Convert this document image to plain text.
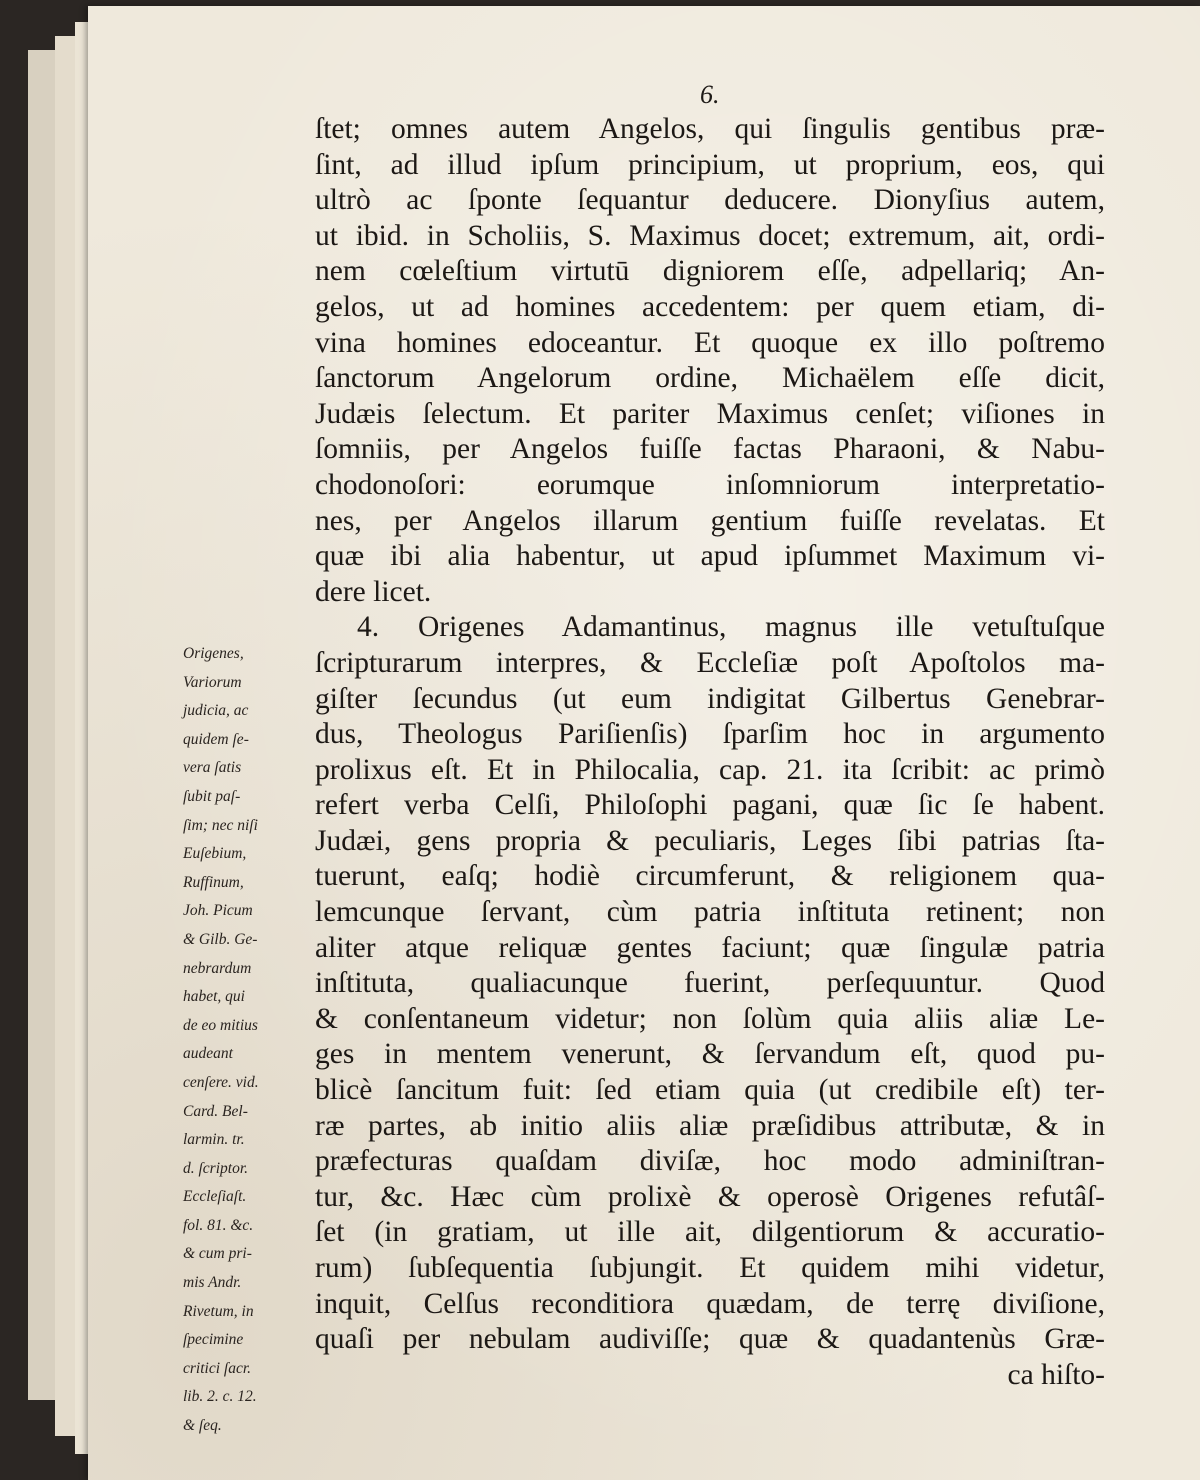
6.
ſtet; omnes autem Angelos, qui ſingulis gentibus præ-
ſint, ad illud ipſum principium, ut proprium, eos, qui
ultrò ac ſponte ſequantur deducere. Dionyſius autem,
ut ibid. in Scholiis, S. Maximus docet; extremum, ait, ordi-
nem cœleſtium virtutū digniorem eſſe, adpellariq; An-
gelos, ut ad homines accedentem: per quem etiam, di-
vina homines edoceantur. Et quoque ex illo poſtremo
ſanctorum Angelorum ordine, Michaëlem eſſe dicit,
Judæis ſelectum. Et pariter Maximus cenſet; viſiones in
ſomniis, per Angelos fuiſſe factas Pharaoni, & Nabu-
chodonoſori: eorumque inſomniorum interpretatio-
nes, per Angelos illarum gentium fuiſſe revelatas. Et
quæ ibi alia habentur, ut apud ipſummet Maximum vi-
dere licet.
4. Origenes Adamantinus, magnus ille vetuſtuſque
ſcripturarum interpres, & Eccleſiæ poſt Apoſtolos ma-
giſter ſecundus (ut eum indigitat Gilbertus Genebrar-
dus, Theologus Pariſienſis) ſparſim hoc in argumento
prolixus eſt. Et in Philocalia, cap. 21. ita ſcribit: ac primò
refert verba Celſi, Philoſophi pagani, quæ ſic ſe habent.
Judæi, gens propria & peculiaris, Leges ſibi patrias ſta-
tuerunt, eaſq; hodiè circumferunt, & religionem qua-
lemcunque ſervant, cùm patria inſtituta retinent; non
aliter atque reliquæ gentes faciunt; quæ ſingulæ patria
inſtituta, qualiacunque fuerint, perſequuntur. Quod
& conſentaneum videtur; non ſolùm quia aliis aliæ Le-
ges in mentem venerunt, & ſervandum eſt, quod pu-
blicè ſancitum fuit: ſed etiam quia (ut credibile eſt) ter-
ræ partes, ab initio aliis aliæ præſidibus attributæ, & in
præfecturas quaſdam diviſæ, hoc modo adminiſtran-
tur, &c. Hæc cùm prolixè & operosè Origenes refutâſ-
ſet (in gratiam, ut ille ait, dilgentiorum & accuratio-
rum) ſubſequentia ſubjungit. Et quidem mihi videtur,
inquit, Celſus reconditiora quædam, de terrę diviſione,
quaſi per nebulam audiviſſe; quæ & quadantenùs Græ-
ca hiſto-
Origenes,
Variorum
judicia, ac
quidem ſe-
vera ſatis
ſubit paſ-
ſim; nec niſi
Euſebium,
Ruffinum,
Joh. Picum
& Gilb. Ge-
nebrardum
habet, qui
de eo mitius
audeant
cenſere. vid.
Card. Bel-
larmin. tr.
d. ſcriptor.
Eccleſiaſt.
fol. 81. &c.
& cum pri-
mis Andr.
Rivetum, in
ſpecimine
critici ſacr.
lib. 2. c. 12.
& ſeq.
